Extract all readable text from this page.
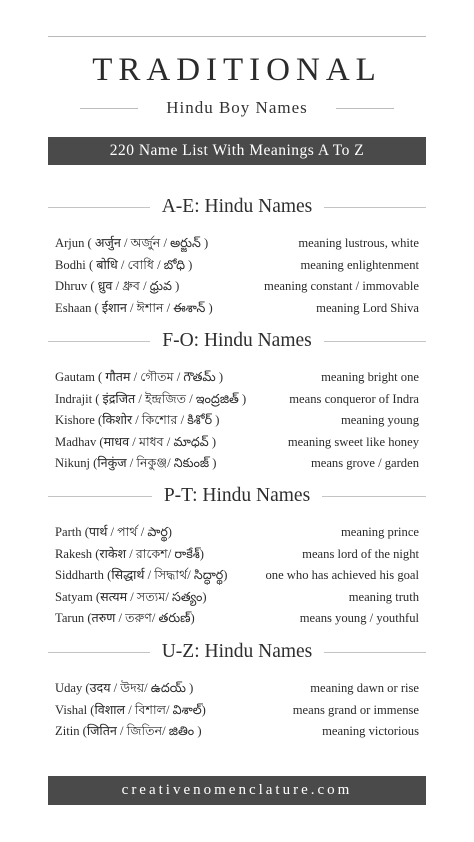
TRADITIONAL
Hindu Boy Names
220 Name List With Meanings A To Z
A-E: Hindu Names
Arjun ( अर्जुन / অর্জুন / అర్జున్ )	meaning lustrous, white
Bodhi ( बोधि / বোধি / బోధి )	meaning enlightenment
Dhruv ( ध्रुव / ধ্রুব / ధ్రువ )	meaning constant / immovable
Eshaan ( ईशान / ঈশান / ఈశాన్ )	meaning Lord Shiva
F-O: Hindu Names
Gautam ( गौतम / গৌতম / గౌతమ్ )	meaning bright one
Indrajit ( इंद्रजित / ইন্দ্রজিত / ఇంద్రజిత్ )	means conqueror of Indra
Kishore (किशोर / কিশোর / కిశోర్ )	meaning young
Madhav (माधव / মাধব / మాధవ్ )	meaning sweet like honey
Nikunj (निकुंज / নিকুঞ্জ/ నికుంజ్ )	means grove / garden
P-T: Hindu Names
Parth (पार्थ / পার্থ / పార్థ)	meaning prince
Rakesh (राकेश / রাকেশ/ రాకేశ్)	means lord of the night
Siddharth (सिद्धार्थ / সিদ্ধার্থ/ సిద్ధార్థ)	one who has achieved his goal
Satyam (सत्यम / সত্যম/ సత్యం)	meaning truth
Tarun (तरुण / তরুণ/ తరుణ్)	means young / youthful
U-Z: Hindu Names
Uday (उदय / উদয়/ ఉదయ్ )	meaning dawn or rise
Vishal (विशाल / বিশাল/ విశాల్)	means grand or immense
Zitin (जितिन / জিতিন/ జితిం )	meaning victorious
creativenomenclature.com
